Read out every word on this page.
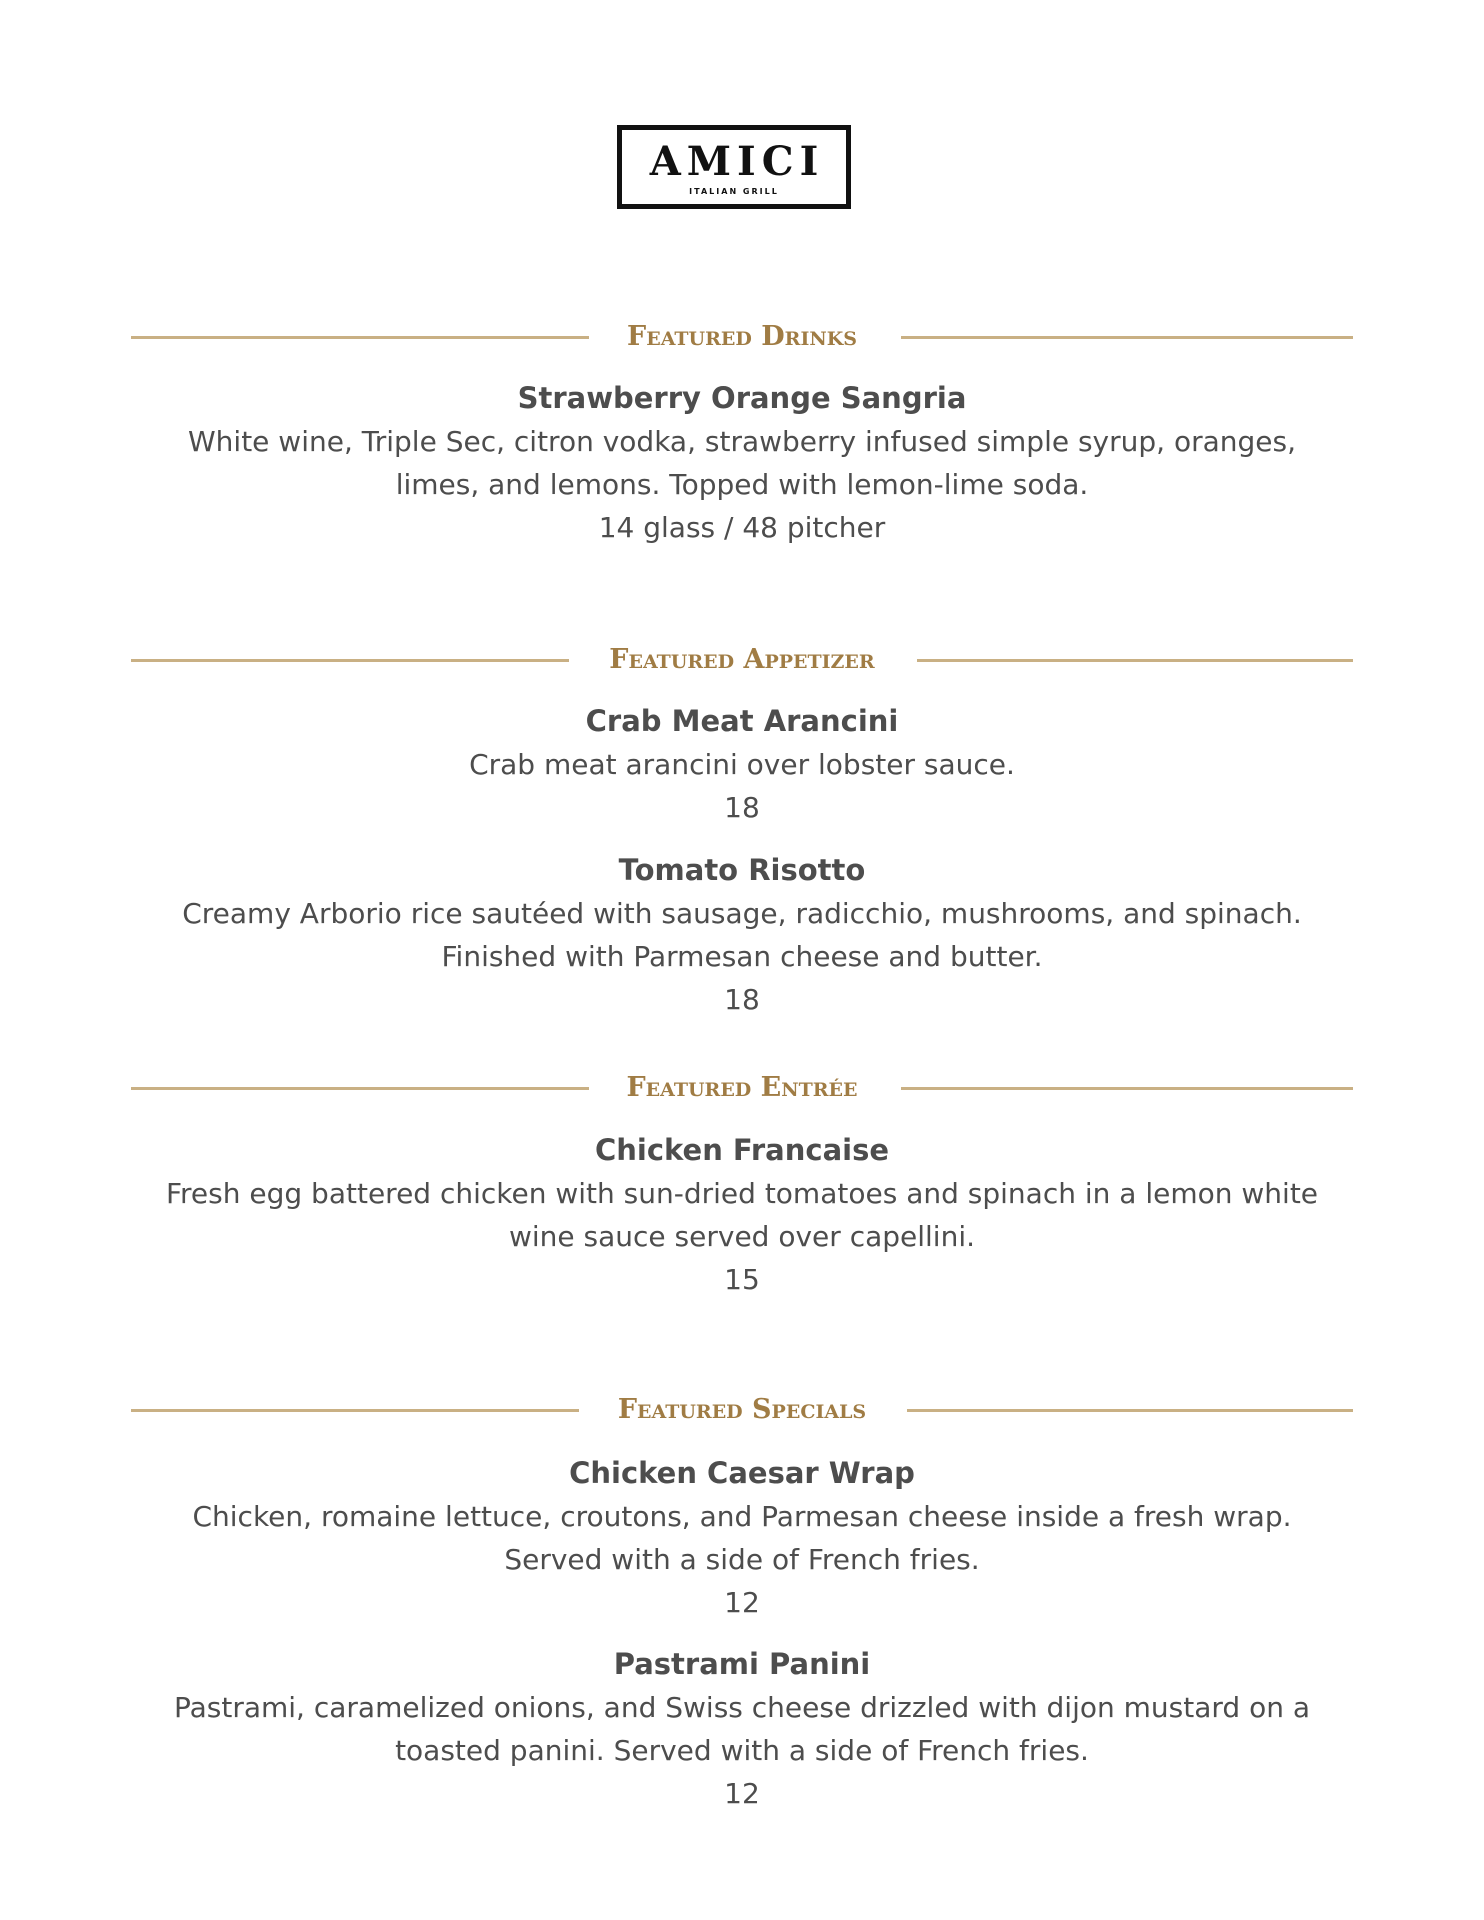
AMICI
ITALIAN GRILL
Featured Drinks
Strawberry Orange Sangria
White wine, Triple Sec, citron vodka, strawberry infused simple syrup, oranges,
limes, and lemons. Topped with lemon-lime soda.
14 glass / 48 pitcher
Featured Appetizer
Crab Meat Arancini
Crab meat arancini over lobster sauce.
18
Tomato Risotto
Creamy Arborio rice sautéed with sausage, radicchio, mushrooms, and spinach.
Finished with Parmesan cheese and butter.
18
Featured Entrée
Chicken Francaise
Fresh egg battered chicken with sun-dried tomatoes and spinach in a lemon white
wine sauce served over capellini.
15
Featured Specials
Chicken Caesar Wrap
Chicken, romaine lettuce, croutons, and Parmesan cheese inside a fresh wrap.
Served with a side of French fries.
12
Pastrami Panini
Pastrami, caramelized onions, and Swiss cheese drizzled with dijon mustard on a
toasted panini. Served with a side of French fries.
12
